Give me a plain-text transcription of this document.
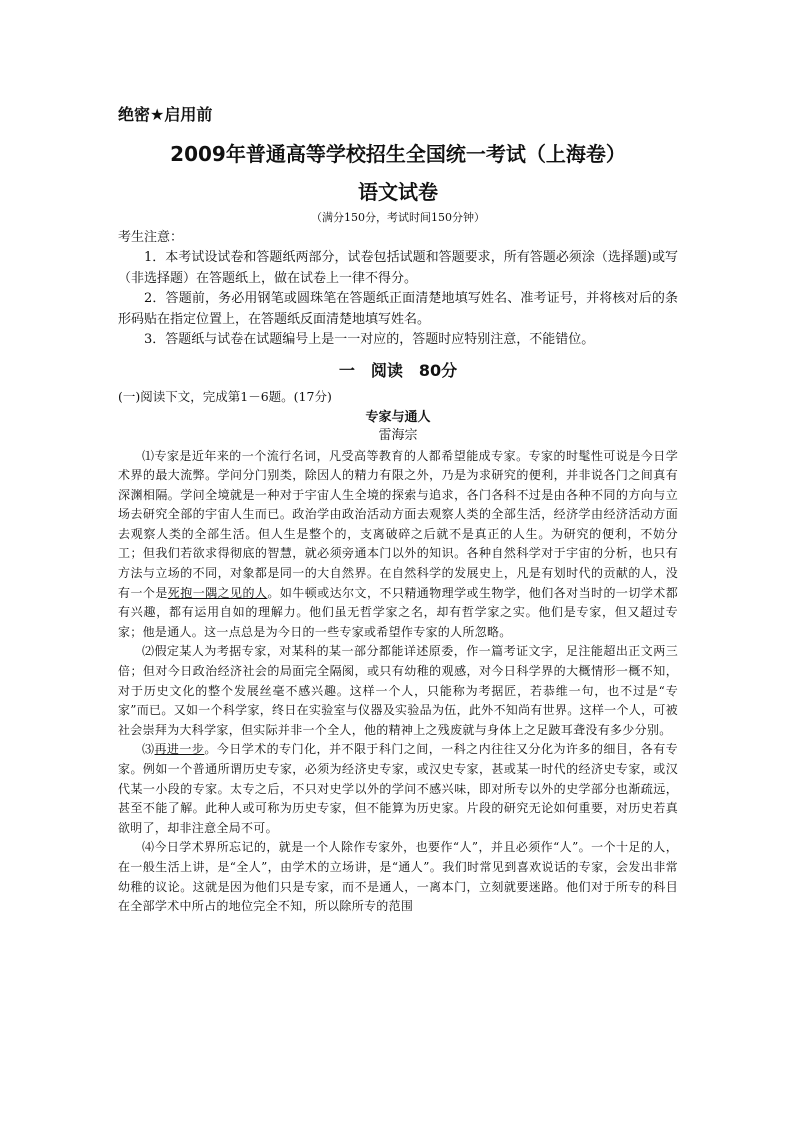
绝密★启用前
2009年普通高等学校招生全国统一考试（上海卷）
语文试卷
（满分150分，考试时间150分钟）
考生注意：

1．本考试设试卷和答题纸两部分，试卷包括试题和答题要求，所有答题必须涂（选择题)或写（非选择题）在答题纸上，做在试卷上一律不得分。

2．答题前，务必用钢笔或圆珠笔在答题纸正面清楚地填写姓名、准考证号，并将核对后的条形码贴在指定位置上，在答题纸反面清楚地填写姓名。

3．答题纸与试卷在试题编号上是一一对应的，答题时应特别注意，不能错位。

一　阅读　80分
(一)阅读下文，完成第1－6题。(17分)
专家与通人
雷海宗

⑴专家是近年来的一个流行名词，凡受高等教育的人都希望能成专家。专家的时髦性可说是今日学术界的最大流弊。学问分门别类，除因人的精力有限之外，乃是为求研究的便利，并非说各门之间真有深渊相隔。学问全境就是一种对于宇宙人生全境的探索与追求，各门各科不过是由各种不同的方向与立场去研究全部的宇宙人生而已。政治学由政治活动方面去观察人类的全部生活，经济学由经济活动方面去观察人类的全部生活。但人生是整个的，支离破碎之后就不是真正的人生。为研究的便利，不妨分工；但我们若欲求得彻底的智慧，就必须旁通本门以外的知识。各种自然科学对于宇宙的分析，也只有方法与立场的不同，对象都是同一的大自然界。在自然科学的发展史上，凡是有划时代的贡献的人，没有一个是死抱一隅之见的人。如牛顿或达尔文，不只精通物理学或生物学，他们各对当时的一切学术都有兴趣，都有运用自如的理解力。他们虽无哲学家之名，却有哲学家之实。他们是专家，但又超过专家；他是通人。这一点总是为今日的一些专家或希望作专家的人所忽略。

⑵假定某人为考据专家，对某科的某一部分都能详述原委，作一篇考证文字，足注能超出正文两三倍；但对今日政治经济社会的局面完全隔阂，或只有幼稚的观感，对今日科学界的大概情形一概不知，对于历史文化的整个发展丝毫不感兴趣。这样一个人，只能称为考据匠，若恭维一句，也不过是“专家”而已。又如一个科学家，终日在实验室与仪器及实验品为伍，此外不知尚有世界。这样一个人，可被社会崇拜为大科学家，但实际并非一个全人，他的精神上之残废就与身体上之足跛耳聋没有多少分别。

⑶再进一步。今日学术的专门化，并不限于科门之间，一科之内往往又分化为许多的细目，各有专家。例如一个普通所谓历史专家，必须为经济史专家，或汉史专家，甚或某一时代的经济史专家，或汉代某一小段的专家。太专之后，不只对史学以外的学问不感兴味，即对所专以外的史学部分也渐疏远，甚至不能了解。此种人或可称为历史专家，但不能算为历史家。片段的研究无论如何重要，对历史若真欲明了，却非注意全局不可。

⑷今日学术界所忘记的，就是一个人除作专家外，也要作“人”，并且必须作“人”。一个十足的人，在一般生活上讲，是“全人”，由学术的立场讲，是“通人”。我们时常见到喜欢说话的专家，会发出非常幼稚的议论。这就是因为他们只是专家，而不是通人，一离本门，立刻就要迷路。他们对于所专的科目在全部学术中所占的地位完全不知，所以除所专的范围
